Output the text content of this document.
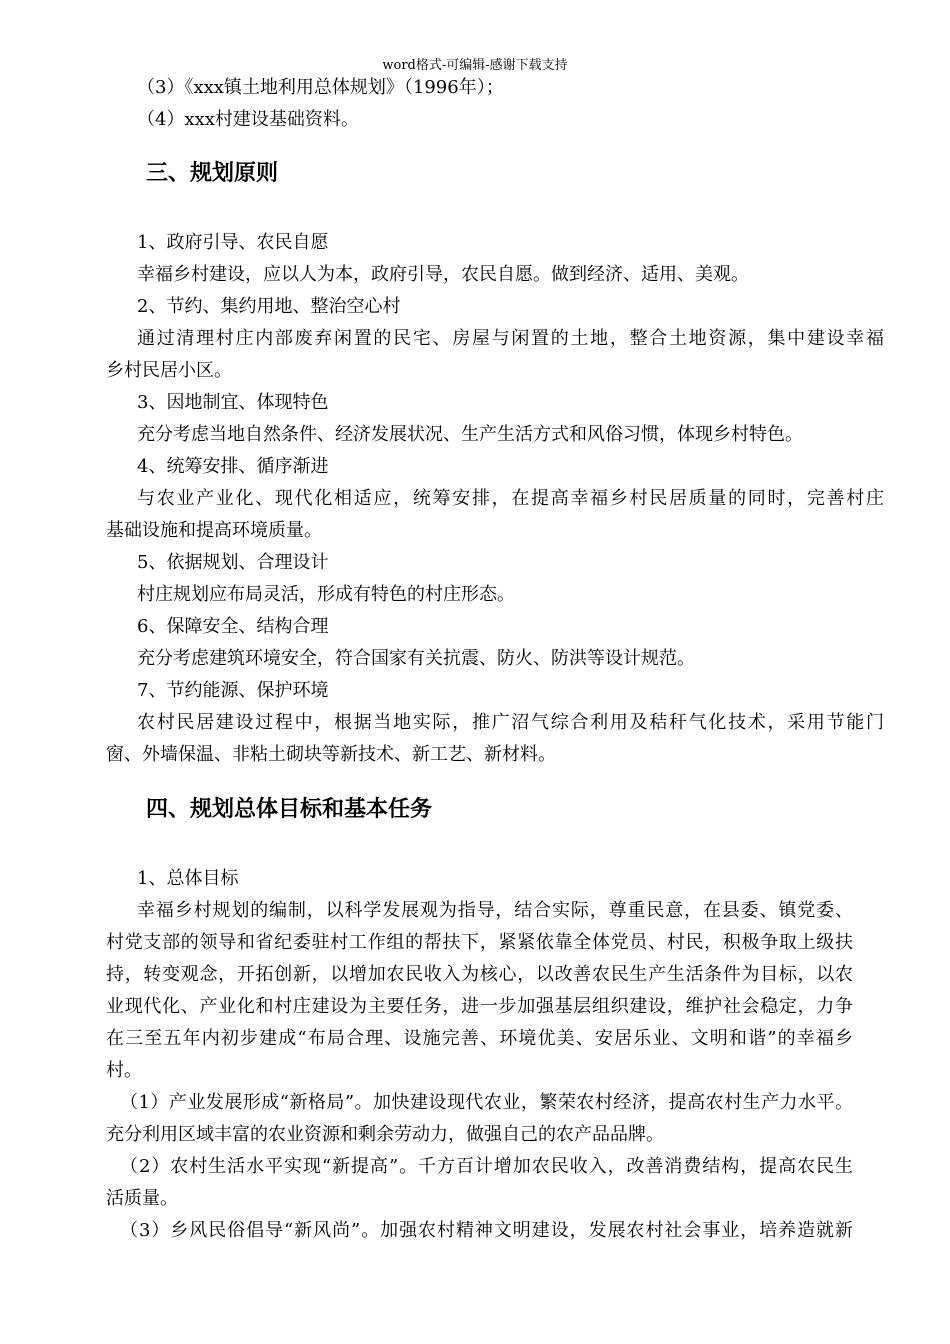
word格式-可编辑-感谢下载支持
（3）《xxx镇土地利用总体规划》（1996年）；
（4）xxx村建设基础资料。
三、规划原则
1、政府引导、农民自愿
幸福乡村建设，应以人为本，政府引导，农民自愿。做到经济、适用、美观。
2、节约、集约用地、整治空心村
通过清理村庄内部废弃闲置的民宅、房屋与闲置的土地，整合土地资源，集中建设幸福
乡村民居小区。
3、因地制宜、体现特色
充分考虑当地自然条件、经济发展状况、生产生活方式和风俗习惯，体现乡村特色。
4、统筹安排、循序渐进
与农业产业化、现代化相适应，统筹安排，在提高幸福乡村民居质量的同时，完善村庄
基础设施和提高环境质量。
5、依据规划、合理设计
村庄规划应布局灵活，形成有特色的村庄形态。
6、保障安全、结构合理
充分考虑建筑环境安全，符合国家有关抗震、防火、防洪等设计规范。
7、节约能源、保护环境
农村民居建设过程中，根据当地实际，推广沼气综合利用及秸秆气化技术，采用节能门
窗、外墙保温、非粘土砌块等新技术、新工艺、新材料。
四、规划总体目标和基本任务
1、总体目标
幸福乡村规划的编制，以科学发展观为指导，结合实际，尊重民意，在县委、镇党委、
村党支部的领导和省纪委驻村工作组的帮扶下，紧紧依靠全体党员、村民，积极争取上级扶
持，转变观念，开拓创新，以增加农民收入为核心，以改善农民生产生活条件为目标，以农
业现代化、产业化和村庄建设为主要任务，进一步加强基层组织建设，维护社会稳定，力争
在三至五年内初步建成“布局合理、设施完善、环境优美、安居乐业、文明和谐”的幸福乡
村。
（1）产业发展形成“新格局”。加快建设现代农业，繁荣农村经济，提高农村生产力水平。
充分利用区域丰富的农业资源和剩余劳动力，做强自己的农产品品牌。
（2）农村生活水平实现“新提高”。千方百计增加农民收入，改善消费结构，提高农民生
活质量。
（3）乡风民俗倡导“新风尚”。加强农村精神文明建设，发展农村社会事业，培养造就新
